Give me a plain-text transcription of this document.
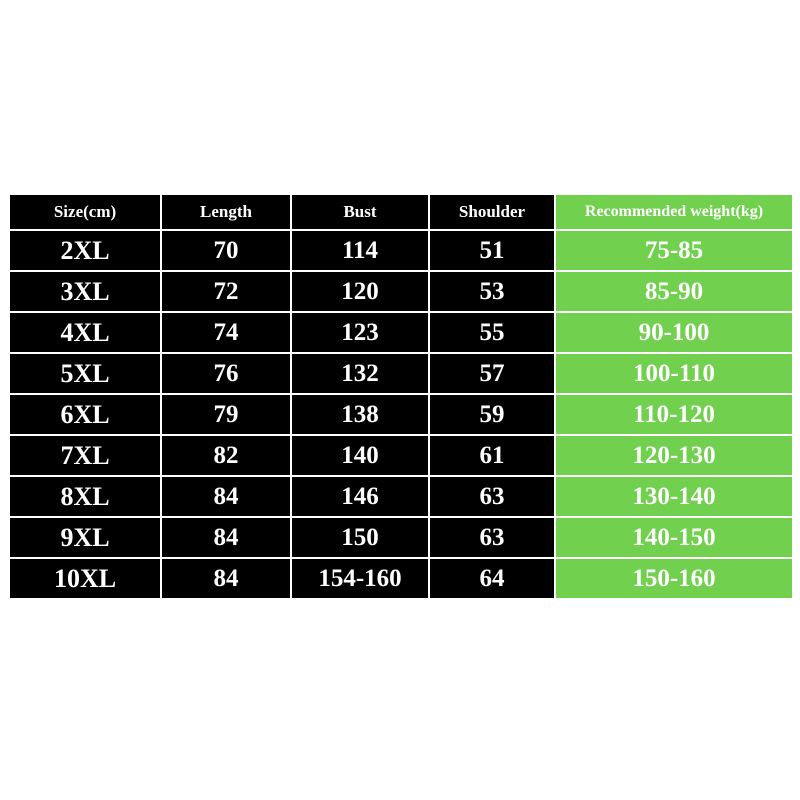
Size(cm)	Length	Bust	Shoulder	Recommended weight(kg)
2XL	70	114	51	75-85
3XL	72	120	53	85-90
4XL	74	123	55	90-100
5XL	76	132	57	100-110
6XL	79	138	59	110-120
7XL	82	140	61	120-130
8XL	84	146	63	130-140
9XL	84	150	63	140-150
10XL	84	154-160	64	150-160
